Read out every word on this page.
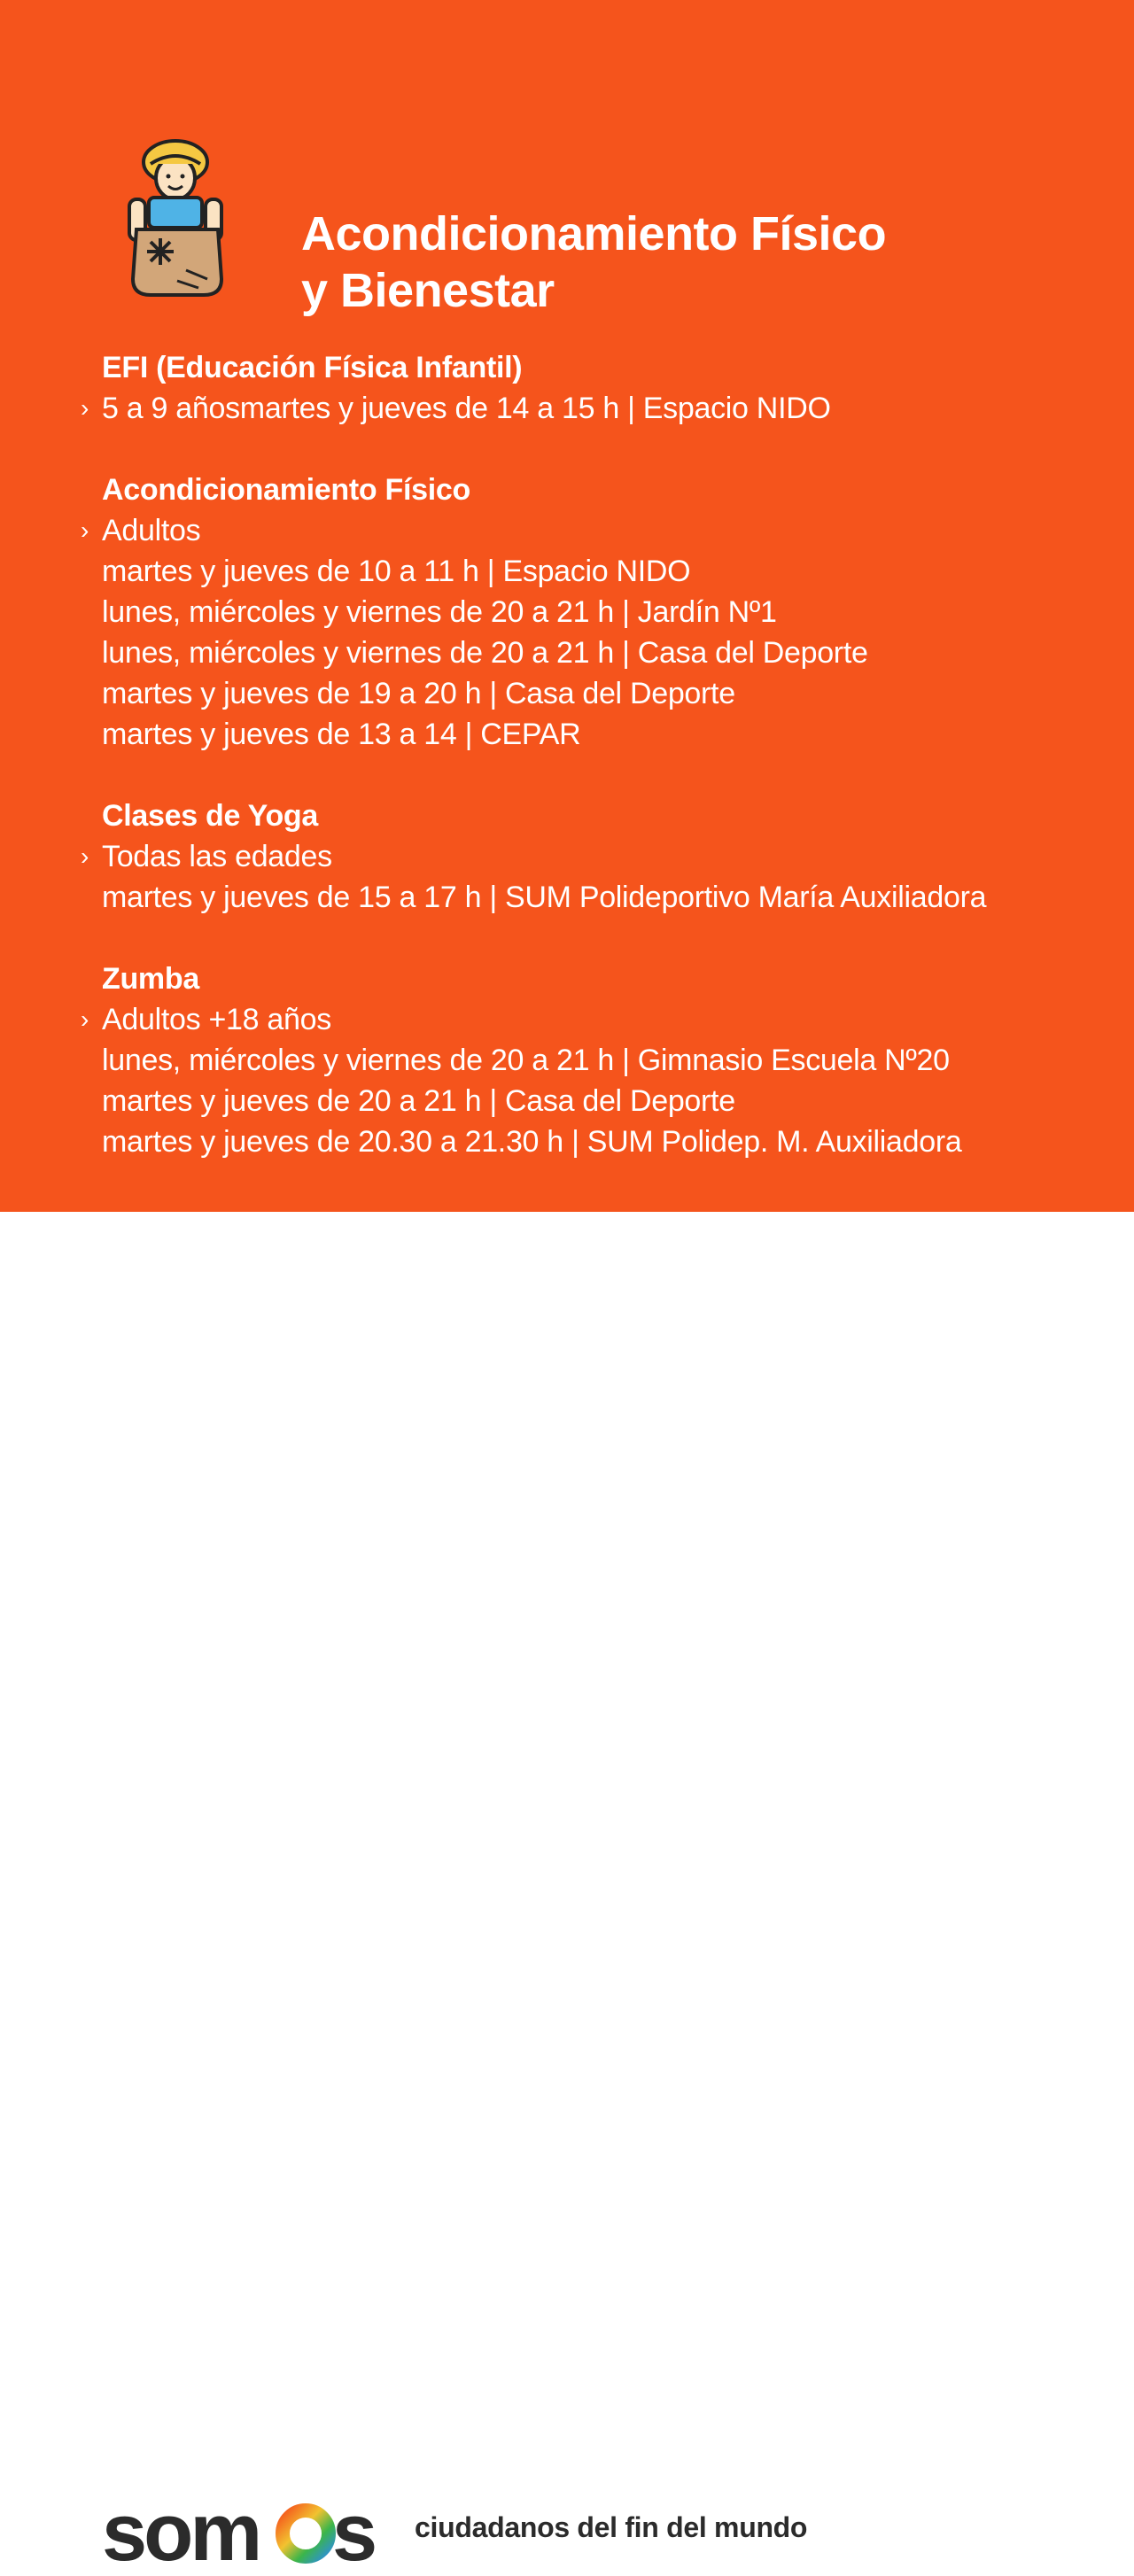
Acondicionamiento Físico
y Bienestar
EFI (Educación Física Infantil)
› 5 a 9 añosmartes y jueves de 14 a 15 h | Espacio NIDO
Acondicionamiento Físico
› Adultos
martes y jueves de 10 a 11 h | Espacio NIDO
lunes, miércoles y viernes de 20 a 21 h | Jardín Nº1
lunes, miércoles y viernes de 20 a 21 h | Casa del Deporte
martes y jueves de 19 a 20 h | Casa del Deporte
martes y jueves de 13 a 14 | CEPAR
Clases de Yoga
› Todas las edades
martes y jueves de 15 a 17 h | SUM Polideportivo María Auxiliadora
Zumba
› Adultos +18 años
lunes, miércoles y viernes de 20 a 21 h | Gimnasio Escuela Nº20
martes y jueves de 20 a 21 h | Casa del Deporte
martes y jueves de 20.30 a 21.30 h | SUM Polidep. M. Auxiliadora
som s ciudadanos del fin del mundo
